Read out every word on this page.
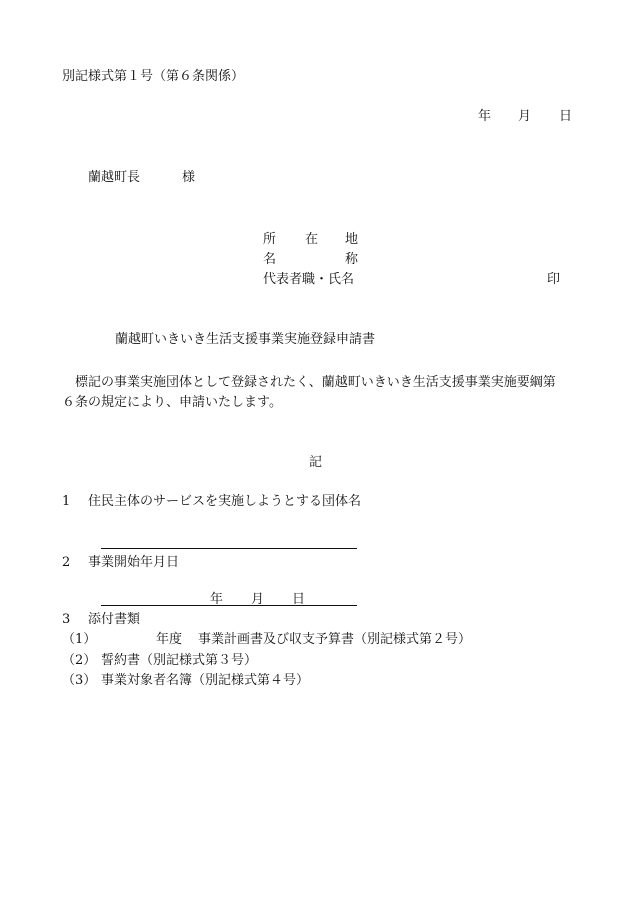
別記様式第１号（第６条関係）
年 月 日
蘭越町長	様
所 在 地
名	称
代表者職・氏名	印
蘭越町いきいき生活支援事業実施登録申請書
標記の事業実施団体として登録されたく、蘭越町いきいき生活支援事業実施要綱第
６条の規定により、申請いたします。
記
1 住民主体のサービスを実施しようとする団体名
2 事業開始年月日
年 月 日
3 添付書類
（1）	年度 事業計画書及び収支予算書（別記様式第２号）
（2） 誓約書（別記様式第３号）
（3） 事業対象者名簿（別記様式第４号）
